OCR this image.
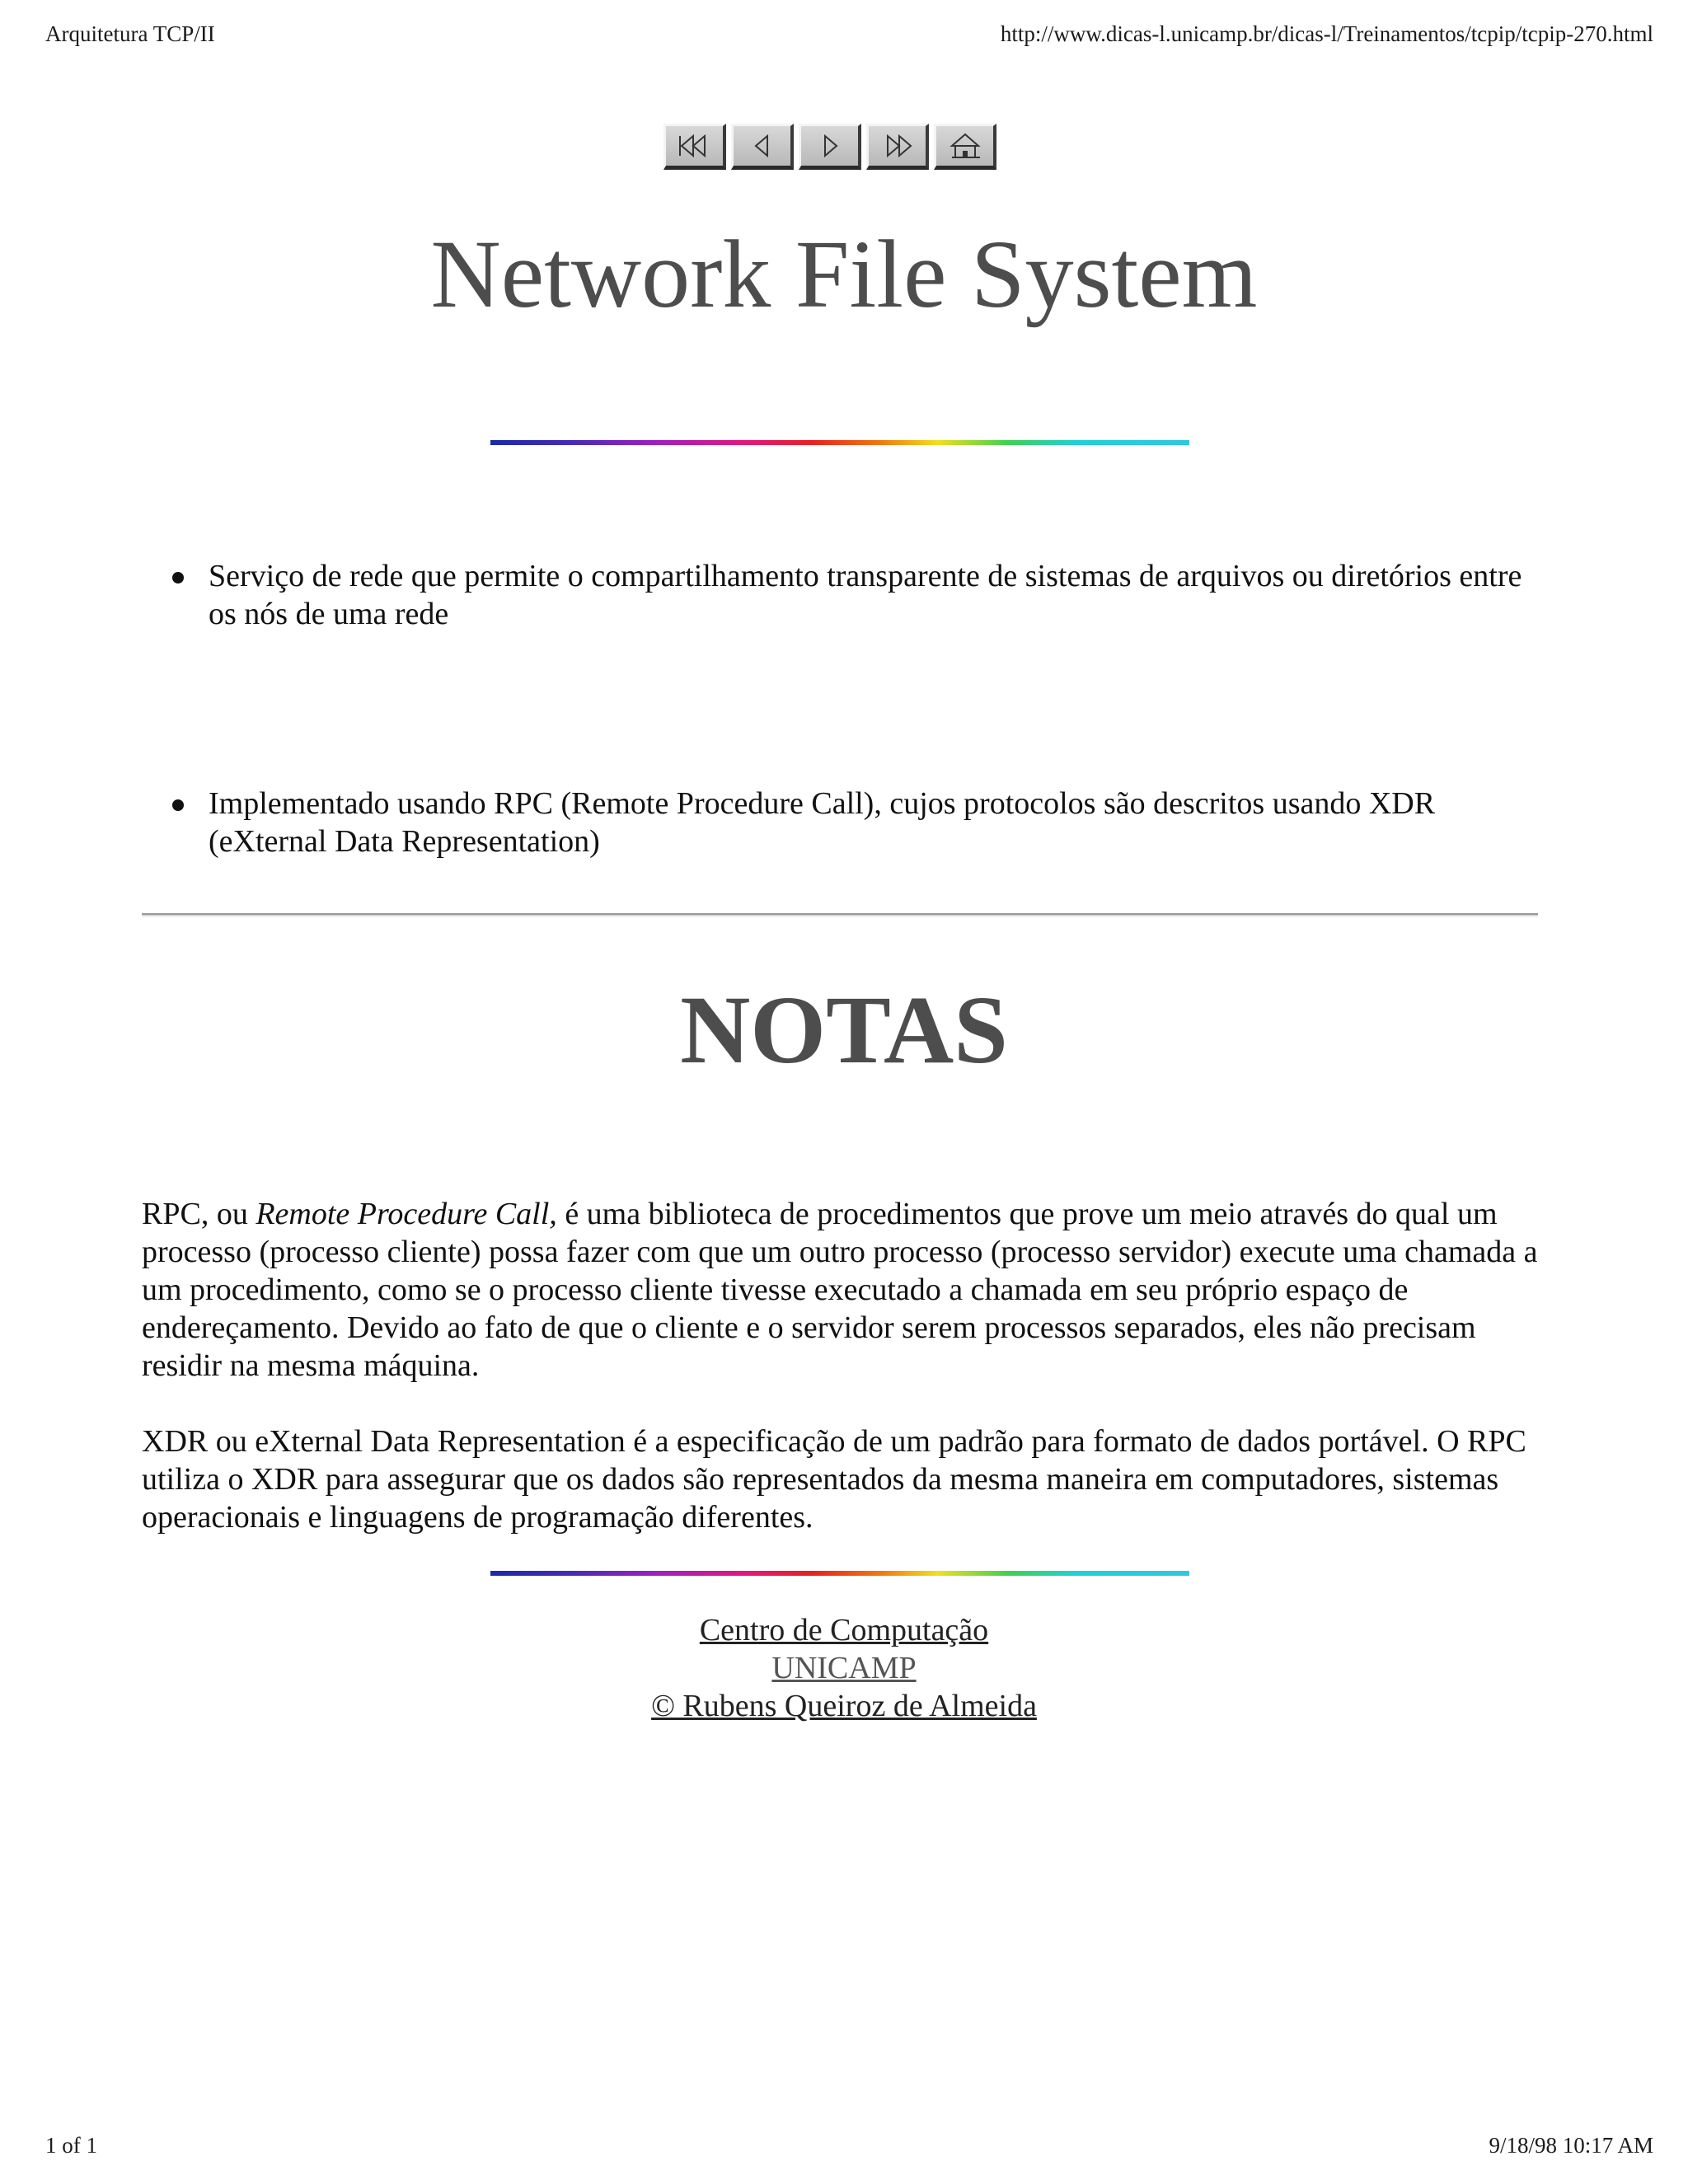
Arquitetura TCP/II	http://www.dicas-l.unicamp.br/dicas-l/Treinamentos/tcpip/tcpip-270.html
Network File System
Serviço de rede que permite o compartilhamento transparente de sistemas de arquivos ou diretórios entre os nós de uma rede
Implementado usando RPC (Remote Procedure Call), cujos protocolos são descritos usando XDR (eXternal Data Representation)
NOTAS

RPC, ou Remote Procedure Call, é uma biblioteca de procedimentos que prove um meio através do qual um processo (processo cliente) possa fazer com que um outro processo (processo servidor) execute uma chamada a um procedimento, como se o processo cliente tivesse executado a chamada em seu próprio espaço de endereçamento. Devido ao fato de que o cliente e o servidor serem processos separados, eles não precisam residir na mesma máquina.

XDR ou eXternal Data Representation é a especificação de um padrão para formato de dados portável. O RPC utiliza o XDR para assegurar que os dados são representados da mesma maneira em computadores, sistemas operacionais e linguagens de programação diferentes.

Centro de Computação
UNICAMP
© Rubens Queiroz de Almeida
1 of 1	9/18/98 10:17 AM
